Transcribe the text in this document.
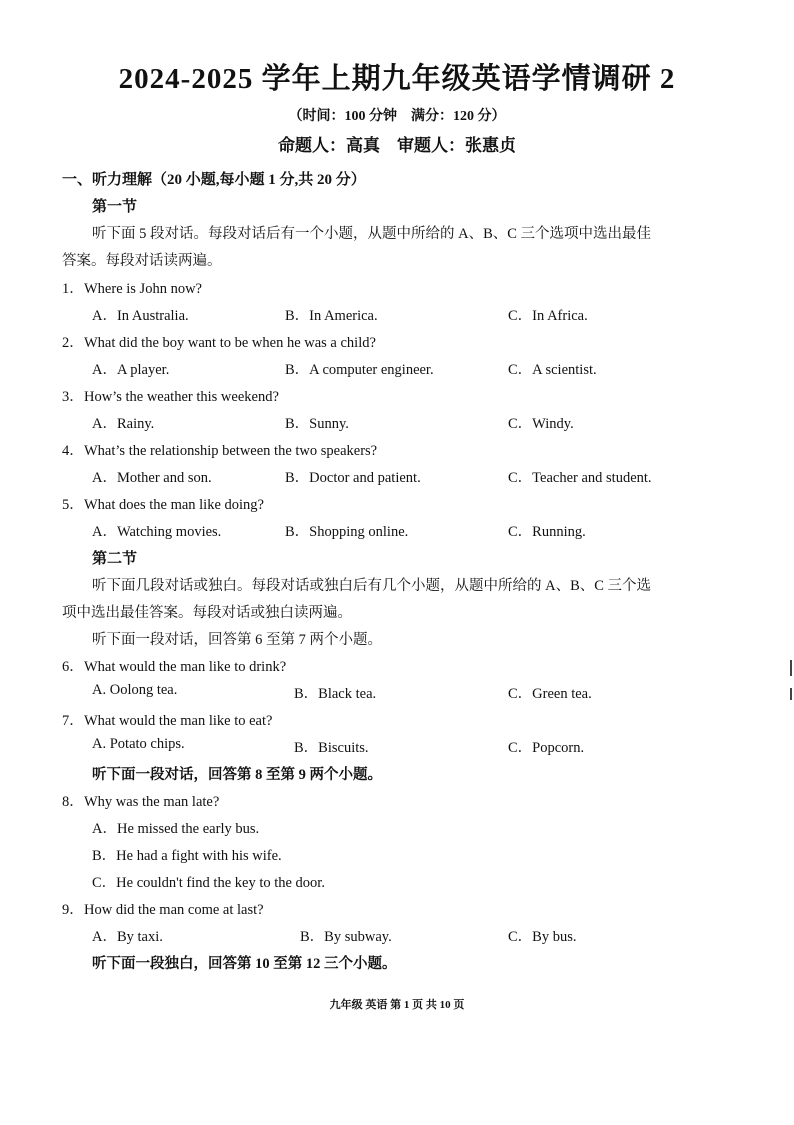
2024-2025 学年上期九年级英语学情调研 2
（时间：100 分钟　满分：120 分）
命题人：高真　审题人：张惠贞
一、听力理解（20 小题,每小题 1 分,共 20 分）
第一节
听下面 5 段对话。每段对话后有一个小题，从题中所给的 A、B、C 三个选项中选出最佳
答案。每段对话读两遍。
1．Where is John now?
A．In Australia.	B．In America.	C．In Africa.
2．What did the boy want to be when he was a child?
A．A player.	B．A computer engineer.	C．A scientist.
3．How’s the weather this weekend?
A．Rainy.	B．Sunny.	C．Windy.
4．What’s the relationship between the two speakers?
A．Mother and son.	B．Doctor and patient.	C．Teacher and student.
5．What does the man like doing?
A．Watching movies.	B．Shopping online.	C．Running.
第二节
听下面几段对话或独白。每段对话或独白后有几个小题，从题中所给的 A、B、C 三个选
项中选出最佳答案。每段对话或独白读两遍。
听下面一段对话，回答第 6 至第 7 两个小题。
6．What would the man like to drink?
A. Oolong tea.	B．Black tea.	C．Green tea.
7．What would the man like to eat?
A. Potato chips.	B．Biscuits.	C．Popcorn.
听下面一段对话，回答第 8 至第 9 两个小题。
8．Why was the man late?
A．He missed the early bus.
B．He had a fight with his wife.
C．He couldn't find the key to the door.
9．How did the man come at last?
A．By taxi.	B．By subway.	C．By bus.
听下面一段独白，回答第 10 至第 12 三个小题。
九年级 英语 第 1 页 共 10 页
